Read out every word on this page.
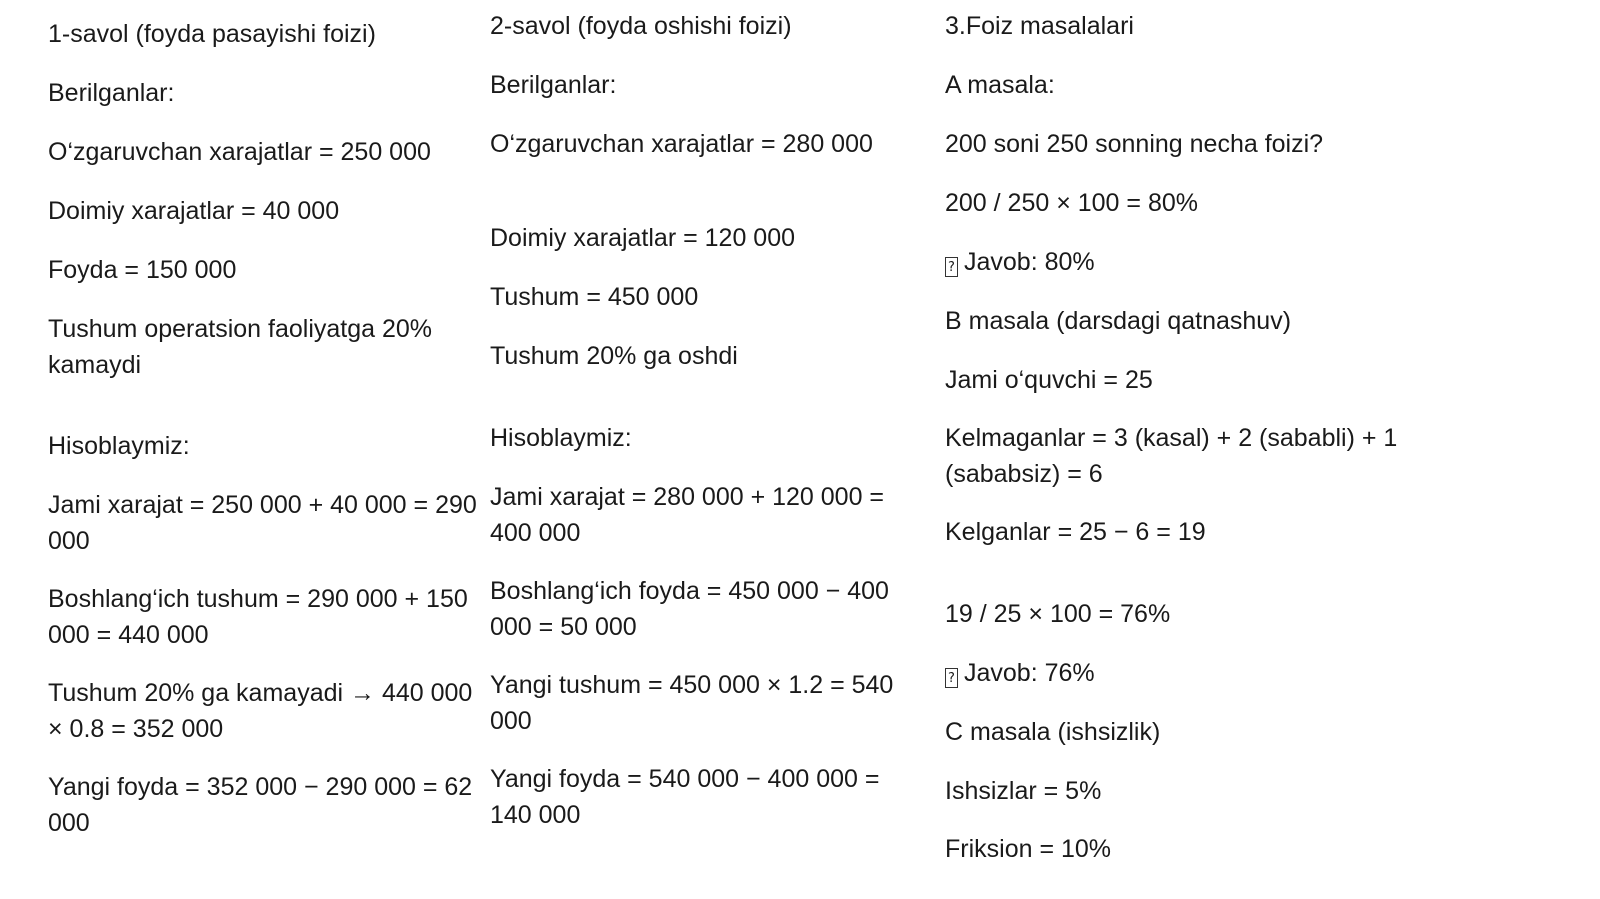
1-savol (foyda pasayishi foizi)

Berilganlar:

O‘zgaruvchan xarajatlar = 250 000

Doimiy xarajatlar = 40 000

Foyda = 150 000

Tushum operatsion faoliyatga 20% kamaydi

Hisoblaymiz:

Jami xarajat = 250 000 + 40 000 = 290 000

Boshlang‘ich tushum = 290 000 + 150 000 = 440 000

Tushum 20% ga kamayadi → 440 000 × 0.8 = 352 000

Yangi foyda = 352 000 − 290 000 = 62 000

2-savol (foyda oshishi foizi)

Berilganlar:

O‘zgaruvchan xarajatlar = 280 000

Doimiy xarajatlar = 120 000

Tushum = 450 000

Tushum 20% ga oshdi

Hisoblaymiz:

Jami xarajat = 280 000 + 120 000 = 400 000

Boshlang‘ich foyda = 450 000 − 400 000 = 50 000

Yangi tushum = 450 000 × 1.2 = 540 000

Yangi foyda = 540 000 − 400 000 = 140 000

3.Foiz masalalari

A masala:

200 soni 250 sonning necha foizi?

200 / 250 × 100 = 80%

? Javob: 80%

B masala (darsdagi qatnashuv)

Jami o‘quvchi = 25

Kelmaganlar = 3 (kasal) + 2 (sababli) + 1 (sababsiz) = 6

Kelganlar = 25 − 6 = 19

19 / 25 × 100 = 76%

? Javob: 76%

C masala (ishsizlik)

Ishsizlar = 5%

Friksion = 10%
